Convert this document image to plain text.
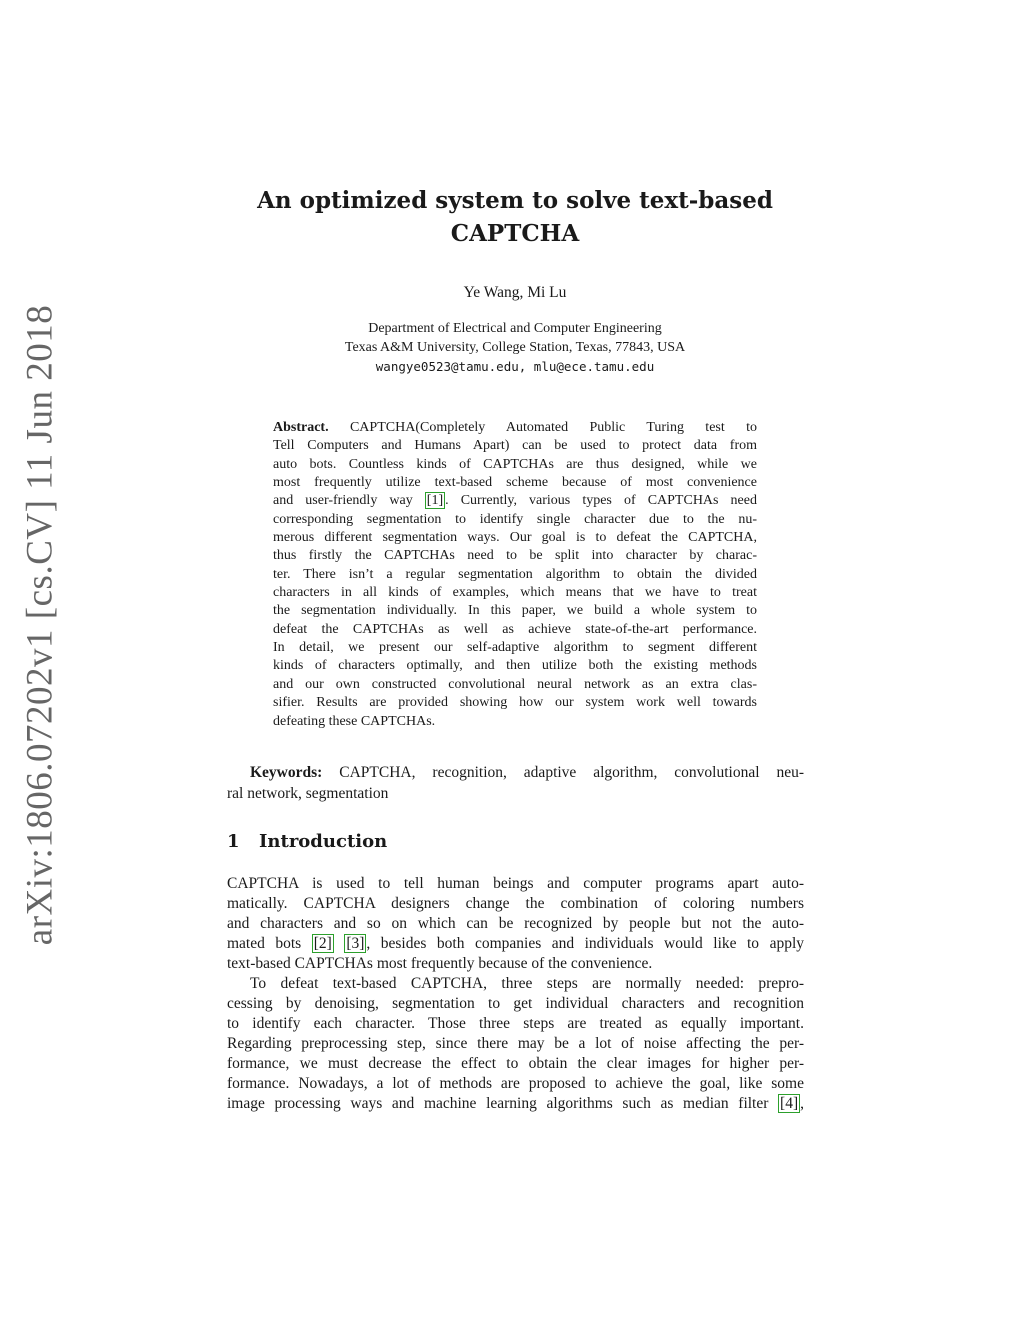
arXiv:1806.07202v1 [cs.CV] 11 Jun 2018
An optimized system to solve text-based
CAPTCHA
Ye Wang, Mi Lu
Department of Electrical and Computer Engineering
Texas A&M University, College Station, Texas, 77843, USA
wangye0523@tamu.edu, mlu@ece.tamu.edu
Abstract. CAPTCHA(Completely Automated Public Turing test to
Tell Computers and Humans Apart) can be used to protect data from
auto bots. Countless kinds of CAPTCHAs are thus designed, while we
most frequently utilize text-based scheme because of most convenience
and user-friendly way [1] . Currently, various types of CAPTCHAs need
corresponding segmentation to identify single character due to the nu-
merous different segmentation ways. Our goal is to defeat the CAPTCHA,
thus firstly the CAPTCHAs need to be split into character by charac-
ter. There isn’t a regular segmentation algorithm to obtain the divided
characters in all kinds of examples, which means that we have to treat
the segmentation individually. In this paper, we build a whole system to
defeat the CAPTCHAs as well as achieve state-of-the-art performance.
In detail, we present our self-adaptive algorithm to segment different
kinds of characters optimally, and then utilize both the existing methods
and our own constructed convolutional neural network as an extra clas-
sifier. Results are provided showing how our system work well towards
defeating these CAPTCHAs.
Keywords: CAPTCHA, recognition, adaptive algorithm, convolutional neu-
ral network, segmentation
1 Introduction
CAPTCHA is used to tell human beings and computer programs apart auto-
matically. CAPTCHA designers change the combination of coloring numbers
and characters and so on which can be recognized by people but not the auto-
mated bots [2] [3] , besides both companies and individuals would like to apply
text-based CAPTCHAs most frequently because of the convenience.
To defeat text-based CAPTCHA, three steps are normally needed: prepro-
cessing by denoising, segmentation to get individual characters and recognition
to identify each character. Those three steps are treated as equally important.
Regarding preprocessing step, since there may be a lot of noise affecting the per-
formance, we must decrease the effect to obtain the clear images for higher per-
formance. Nowadays, a lot of methods are proposed to achieve the goal, like some
image processing ways and machine learning algorithms such as median filter [4] ,
